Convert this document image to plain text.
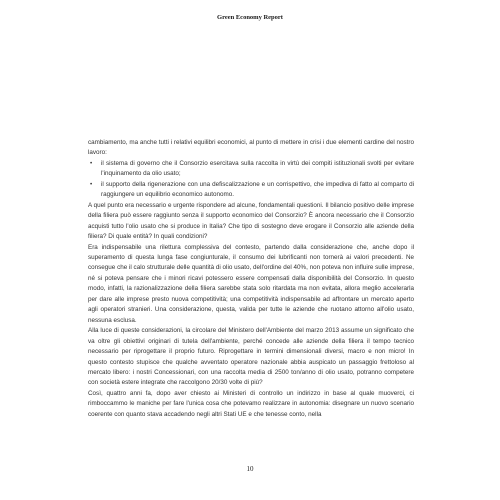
Green Economy Report

cambiamento, ma anche tutti i relativi equilibri economici, al punto di mettere in crisi i due elementi cardine del nostro lavoro:

• il sistema di governo che il Consorzio esercitava sulla raccolta in virtù dei compiti istituzionali svolti per evitare l'inquinamento da olio usato;
• il supporto della rigenerazione con una defiscalizzazione e un corrispettivo, che impediva di fatto al comparto di raggiungere un equilibrio economico autonomo.

A quel punto era necessario e urgente rispondere ad alcune, fondamentali questioni. Il bilancio positivo delle imprese della filiera può essere raggiunto senza il supporto economico del Consorzio? È ancora necessario che il Consorzio acquisti tutto l'olio usato che si produce in Italia? Che tipo di sostegno deve erogare il Consorzio alle aziende della filiera? Di quale entità? In quali condizioni?

Era indispensabile una rilettura complessiva del contesto, partendo dalla considerazione che, anche dopo il superamento di questa lunga fase congiunturale, il consumo dei lubrificanti non tornerà ai valori precedenti. Ne consegue che il calo strutturale delle quantità di olio usato, dell'ordine del 40%, non poteva non influire sulle imprese, né si poteva pensare che i minori ricavi potessero essere compensati dalla disponibilità del Consorzio. In questo modo, infatti, la razionalizzazione della filiera sarebbe stata solo ritardata ma non evitata, allora meglio accelerarla per dare alle imprese presto nuova competitività; una competitività indispensabile ad affrontare un mercato aperto agli operatori stranieri. Una considerazione, questa, valida per tutte le aziende che ruotano attorno all'olio usato, nessuna esclusa.

Alla luce di queste considerazioni, la circolare del Ministero dell'Ambiente del marzo 2013 assume un significato che va oltre gli obiettivi originari di tutela dell'ambiente, perché concede alle aziende della filiera il tempo tecnico necessario per riprogettare il proprio futuro. Riprogettare in termini dimensionali diversi, macro e non micro! In questo contesto stupisce che qualche avventato operatore nazionale abbia auspicato un passaggio frettoloso al mercato libero: i nostri Concessionari, con una raccolta media di 2500 ton/anno di olio usato, potranno competere con società estere integrate che raccolgono 20/30 volte di più?

Così, quattro anni fa, dopo aver chiesto ai Ministeri di controllo un indirizzo in base al quale muoverci, ci rimboccammo le maniche per fare l'unica cosa che potevamo realizzare in autonomia: disegnare un nuovo scenario coerente con quanto stava accadendo negli altri Stati UE e che tenesse conto, nella

10
